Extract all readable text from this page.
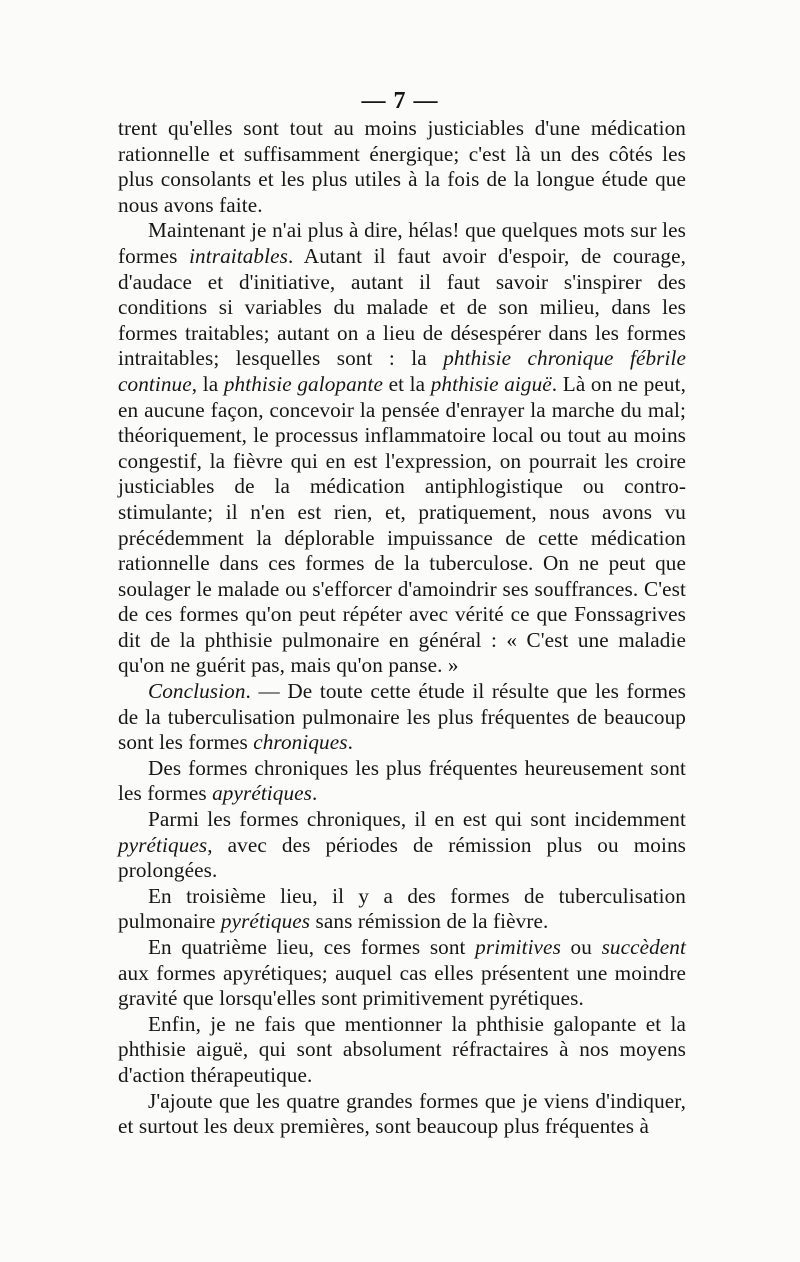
— 7 —

trent qu'elles sont tout au moins justiciables d'une médication rationnelle et suffisamment énergique; c'est là un des côtés les plus consolants et les plus utiles à la fois de la longue étude que nous avons faite.

Maintenant je n'ai plus à dire, hélas! que quelques mots sur les formes intraitables. Autant il faut avoir d'espoir, de courage, d'audace et d'initiative, autant il faut savoir s'inspirer des conditions si variables du malade et de son milieu, dans les formes traitables; autant on a lieu de désespérer dans les formes intraitables; lesquelles sont : la phthisie chronique fébrile continue, la phthisie galopante et la phthisie aiguë. Là on ne peut, en aucune façon, concevoir la pensée d'enrayer la marche du mal; théoriquement, le processus inflammatoire local ou tout au moins congestif, la fièvre qui en est l'expression, on pourrait les croire justiciables de la médication antiphlogistique ou contro-stimulante; il n'en est rien, et, pratiquement, nous avons vu précédemment la déplorable impuissance de cette médication rationnelle dans ces formes de la tuberculose. On ne peut que soulager le malade ou s'efforcer d'amoindrir ses souffrances. C'est de ces formes qu'on peut répéter avec vérité ce que Fonssagrives dit de la phthisie pulmonaire en général : « C'est une maladie qu'on ne guérit pas, mais qu'on panse. »

Conclusion. — De toute cette étude il résulte que les formes de la tuberculisation pulmonaire les plus fréquentes de beaucoup sont les formes chroniques.

Des formes chroniques les plus fréquentes heureusement sont les formes apyrétiques.

Parmi les formes chroniques, il en est qui sont incidemment pyrétiques, avec des périodes de rémission plus ou moins prolongées.

En troisième lieu, il y a des formes de tuberculisation pulmonaire pyrétiques sans rémission de la fièvre.

En quatrième lieu, ces formes sont primitives ou succèdent aux formes apyrétiques; auquel cas elles présentent une moindre gravité que lorsqu'elles sont primitivement pyrétiques.

Enfin, je ne fais que mentionner la phthisie galopante et la phthisie aiguë, qui sont absolument réfractaires à nos moyens d'action thérapeutique.

J'ajoute que les quatre grandes formes que je viens d'indiquer, et surtout les deux premières, sont beaucoup plus fréquentes à
